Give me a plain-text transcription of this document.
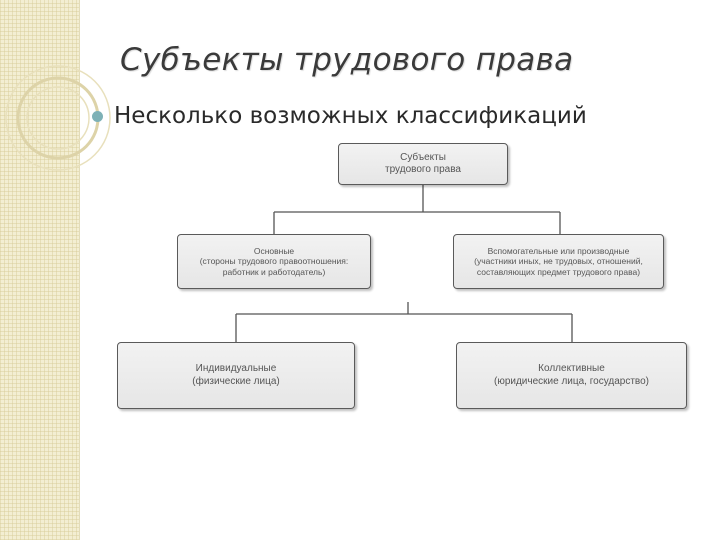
Субъекты трудового права
Несколько возможных классификаций
Субъекты
трудового права
Основные
(стороны трудового правоотношения:
работник и работодатель)
Вспомогательные или производные
(участники иных, не трудовых, отношений,
составляющих предмет трудового права)
Индивидуальные
(физические лица)
Коллективные
(юридические лица, государство)
